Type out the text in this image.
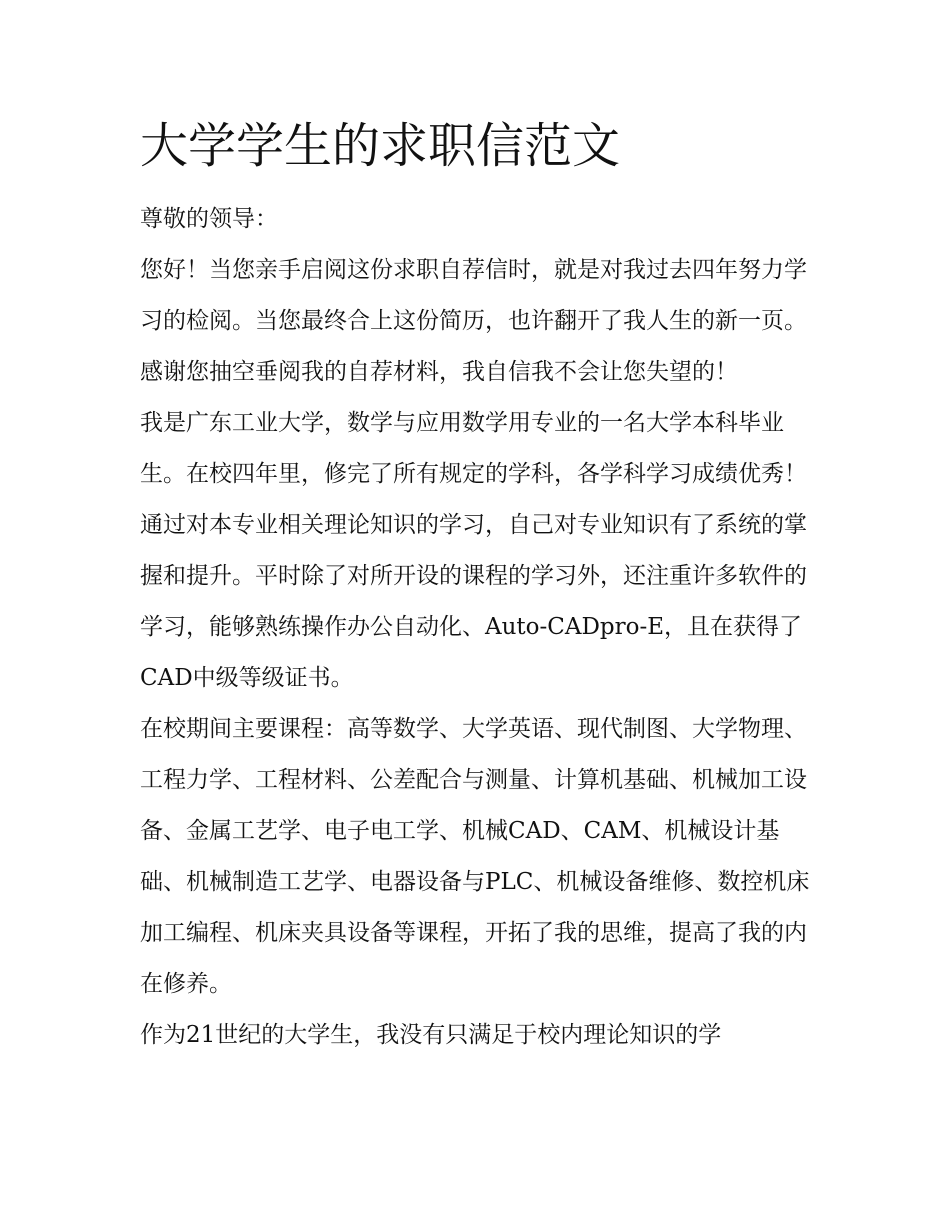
大学学生的求职信范文

尊敬的领导：

您好！当您亲手启阅这份求职自荐信时，就是对我过去四年努力学习的检阅。当您最终合上这份简历，也许翻开了我人生的新一页。感谢您抽空垂阅我的自荐材料，我自信我不会让您失望的！

我是广东工业大学，数学与应用数学用专业的一名大学本科毕业生。在校四年里，修完了所有规定的学科，各学科学习成绩优秀！通过对本专业相关理论知识的学习，自己对专业知识有了系统的掌握和提升。平时除了对所开设的课程的学习外，还注重许多软件的学习，能够熟练操作办公自动化、Auto-CADpro-E，且在获得了CAD中级等级证书。

在校期间主要课程：高等数学、大学英语、现代制图、大学物理、工程力学、工程材料、公差配合与测量、计算机基础、机械加工设备、金属工艺学、电子电工学、机械CAD、CAM、机械设计基础、机械制造工艺学、电器设备与PLC、机械设备维修、数控机床加工编程、机床夹具设备等课程，开拓了我的思维，提高了我的内在修养。

作为21世纪的大学生，我没有只满足于校内理论知识的学
